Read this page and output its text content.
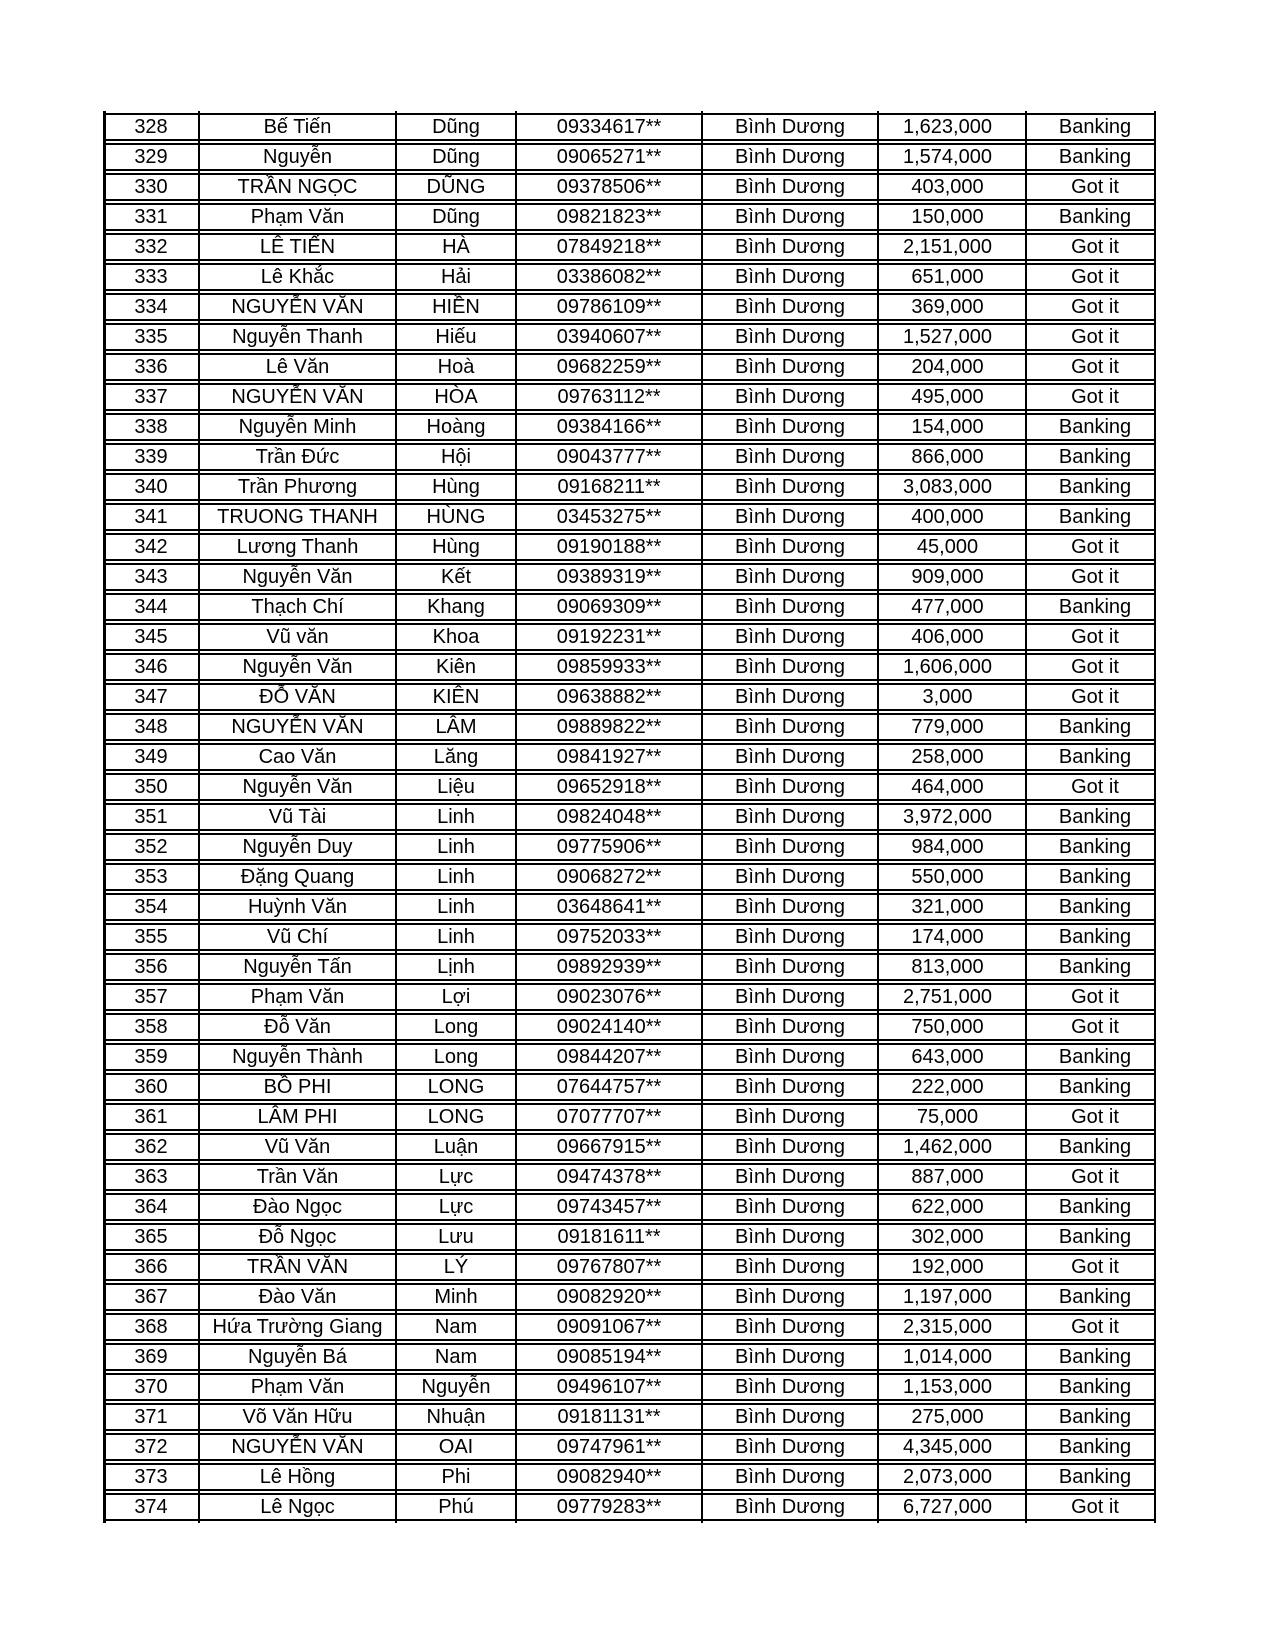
328	Bế Tiến	Dũng	09334617**	Bình Dương	1,623,000	Banking
329	Nguyễn	Dũng	09065271**	Bình Dương	1,574,000	Banking
330	TRẦN NGỌC	DŨNG	09378506**	Bình Dương	403,000	Got it
331	Phạm Văn	Dũng	09821823**	Bình Dương	150,000	Banking
332	LÊ TIẾN	HÀ	07849218**	Bình Dương	2,151,000	Got it
333	Lê Khắc	Hải	03386082**	Bình Dương	651,000	Got it
334	NGUYỄN VĂN	HIỀN	09786109**	Bình Dương	369,000	Got it
335	Nguyễn Thanh	Hiếu	03940607**	Bình Dương	1,527,000	Got it
336	Lê Văn	Hoà	09682259**	Bình Dương	204,000	Got it
337	NGUYỄN VĂN	HÒA	09763112**	Bình Dương	495,000	Got it
338	Nguyễn Minh	Hoàng	09384166**	Bình Dương	154,000	Banking
339	Trần Đức	Hội	09043777**	Bình Dương	866,000	Banking
340	Trần Phương	Hùng	09168211**	Bình Dương	3,083,000	Banking
341	TRUONG THANH	HÙNG	03453275**	Bình Dương	400,000	Banking
342	Lương Thanh	Hùng	09190188**	Bình Dương	45,000	Got it
343	Nguyễn Văn	Kết	09389319**	Bình Dương	909,000	Got it
344	Thạch Chí	Khang	09069309**	Bình Dương	477,000	Banking
345	Vũ văn	Khoa	09192231**	Bình Dương	406,000	Got it
346	Nguyễn Văn	Kiên	09859933**	Bình Dương	1,606,000	Got it
347	ĐỖ VĂN	KIÊN	09638882**	Bình Dương	3,000	Got it
348	NGUYỄN VĂN	LÂM	09889822**	Bình Dương	779,000	Banking
349	Cao Văn	Lăng	09841927**	Bình Dương	258,000	Banking
350	Nguyễn Văn	Liệu	09652918**	Bình Dương	464,000	Got it
351	Vũ Tài	Linh	09824048**	Bình Dương	3,972,000	Banking
352	Nguyễn Duy	Linh	09775906**	Bình Dương	984,000	Banking
353	Đặng Quang	Linh	09068272**	Bình Dương	550,000	Banking
354	Huỳnh Văn	Linh	03648641**	Bình Dương	321,000	Banking
355	Vũ Chí	Linh	09752033**	Bình Dương	174,000	Banking
356	Nguyễn Tấn	Lịnh	09892939**	Bình Dương	813,000	Banking
357	Phạm Văn	Lợi	09023076**	Bình Dương	2,751,000	Got it
358	Đỗ Văn	Long	09024140**	Bình Dương	750,000	Got it
359	Nguyễn Thành	Long	09844207**	Bình Dương	643,000	Banking
360	BỒ PHI	LONG	07644757**	Bình Dương	222,000	Banking
361	LÂM PHI	LONG	07077707**	Bình Dương	75,000	Got it
362	Vũ Văn	Luận	09667915**	Bình Dương	1,462,000	Banking
363	Trần Văn	Lực	09474378**	Bình Dương	887,000	Got it
364	Đào Ngọc	Lực	09743457**	Bình Dương	622,000	Banking
365	Đỗ Ngọc	Lưu	09181611**	Bình Dương	302,000	Banking
366	TRẦN VĂN	LÝ	09767807**	Bình Dương	192,000	Got it
367	Đào Văn	Minh	09082920**	Bình Dương	1,197,000	Banking
368	Hứa Trường Giang	Nam	09091067**	Bình Dương	2,315,000	Got it
369	Nguyễn Bá	Nam	09085194**	Bình Dương	1,014,000	Banking
370	Phạm Văn	Nguyễn	09496107**	Bình Dương	1,153,000	Banking
371	Võ Văn Hữu	Nhuận	09181131**	Bình Dương	275,000	Banking
372	NGUYỄN VĂN	OAI	09747961**	Bình Dương	4,345,000	Banking
373	Lê Hồng	Phi	09082940**	Bình Dương	2,073,000	Banking
374	Lê Ngọc	Phú	09779283**	Bình Dương	6,727,000	Got it
